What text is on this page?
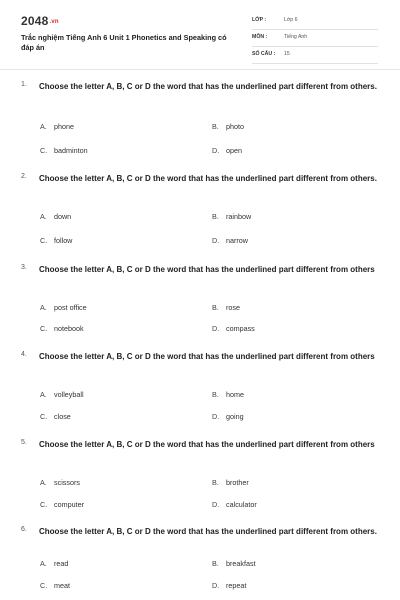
2048.vn
Trắc nghiệm Tiếng Anh 6 Unit 1 Phonetics and Speaking có đáp án
LỚP :	Lớp 6
MÔN :	Tiếng Anh
SỐ CÂU : 15
1. Choose the letter A, B, C or D the word that has the underlined part different from others.
A. phone	B. photo
C. badminton	D. open
2. Choose the letter A, B, C or D the word that has the underlined part different from others.
A. down	B. rainbow
C. follow	D. narrow
3. Choose the letter A, B, C or D the word that has the underlined part different from others
A. post office	B. rose
C. notebook	D. compass
4. Choose the letter A, B, C or D the word that has the underlined part different from others
A. volleyball	B. home
C. close	D. going
5. Choose the letter A, B, C or D the word that has the underlined part different from others
A. scissors	B. brother
C. computer	D. calculator
6. Choose the letter A, B, C or D the word that has the underlined part different from others.
A. read	B. breakfast
C. meat	D. repeat
